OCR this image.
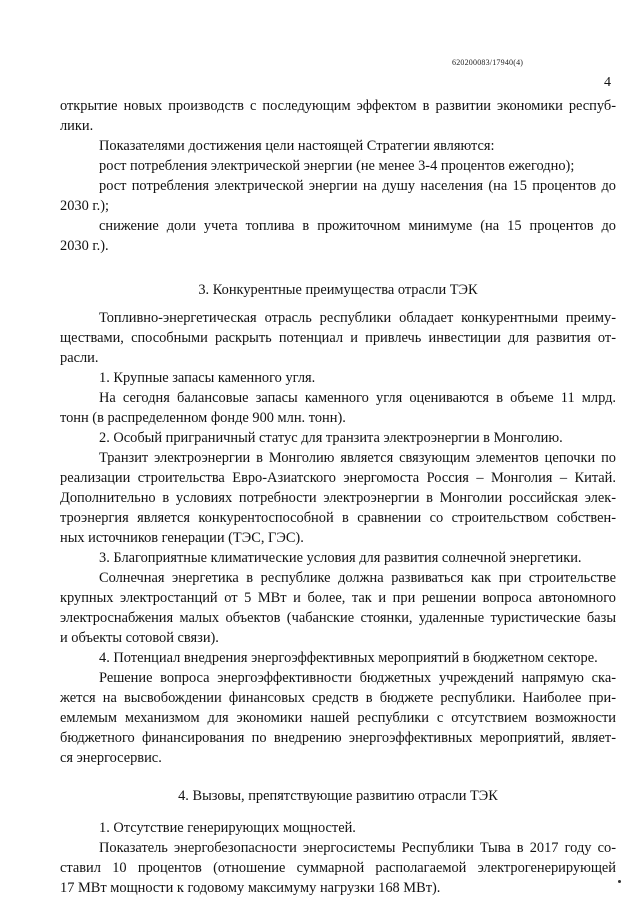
620200083/17940(4)
4
открытие новых производств с последующим эффектом в развитии экономики респуб-
лики.
Показателями достижения цели настоящей Стратегии являются:
рост потребления электрической энергии (не менее 3-4 процентов ежегодно);
рост потребления электрической энергии на душу населения (на 15 процентов до
2030 г.);
снижение доли учета топлива в прожиточном минимуме (на 15 процентов до
2030 г.).
3. Конкурентные преимущества отрасли ТЭК
Топливно-энергетическая отрасль республики обладает конкурентными преиму-
ществами, способными раскрыть потенциал и привлечь инвестиции для развития от-
расли.
1. Крупные запасы каменного угля.
На сегодня балансовые запасы каменного угля оцениваются в объеме 11 млрд.
тонн (в распределенном фонде 900 млн. тонн).
2. Особый приграничный статус для транзита электроэнергии в Монголию.
Транзит электроэнергии в Монголию является связующим элементов цепочки по
реализации строительства Евро-Азиатского энергомоста Россия – Монголия – Китай.
Дополнительно в условиях потребности электроэнергии в Монголии российская элек-
троэнергия является конкурентоспособной в сравнении со строительством собствен-
ных источников генерации (ТЭС, ГЭС).
3. Благоприятные климатические условия для развития солнечной энергетики.
Солнечная энергетика в республике должна развиваться как при строительстве
крупных электростанций от 5 МВт и более, так и при решении вопроса автономного
электроснабжения малых объектов (чабанские стоянки, удаленные туристические базы
и объекты сотовой связи).
4. Потенциал внедрения энергоэффективных мероприятий в бюджетном секторе.
Решение вопроса энергоэффективности бюджетных учреждений напрямую ска-
жется на высвобождении финансовых средств в бюджете республики. Наиболее при-
емлемым механизмом для экономики нашей республики с отсутствием возможности
бюджетного финансирования по внедрению энергоэффективных мероприятий, являет-
ся энергосервис.
4. Вызовы, препятствующие развитию отрасли ТЭК
1. Отсутствие генерирующих мощностей.
Показатель энергобезопасности энергосистемы Республики Тыва в 2017 году со-
ставил 10 процентов (отношение суммарной располагаемой электрогенерирующей
17 МВт мощности к годовому максимуму нагрузки 168 МВт).
